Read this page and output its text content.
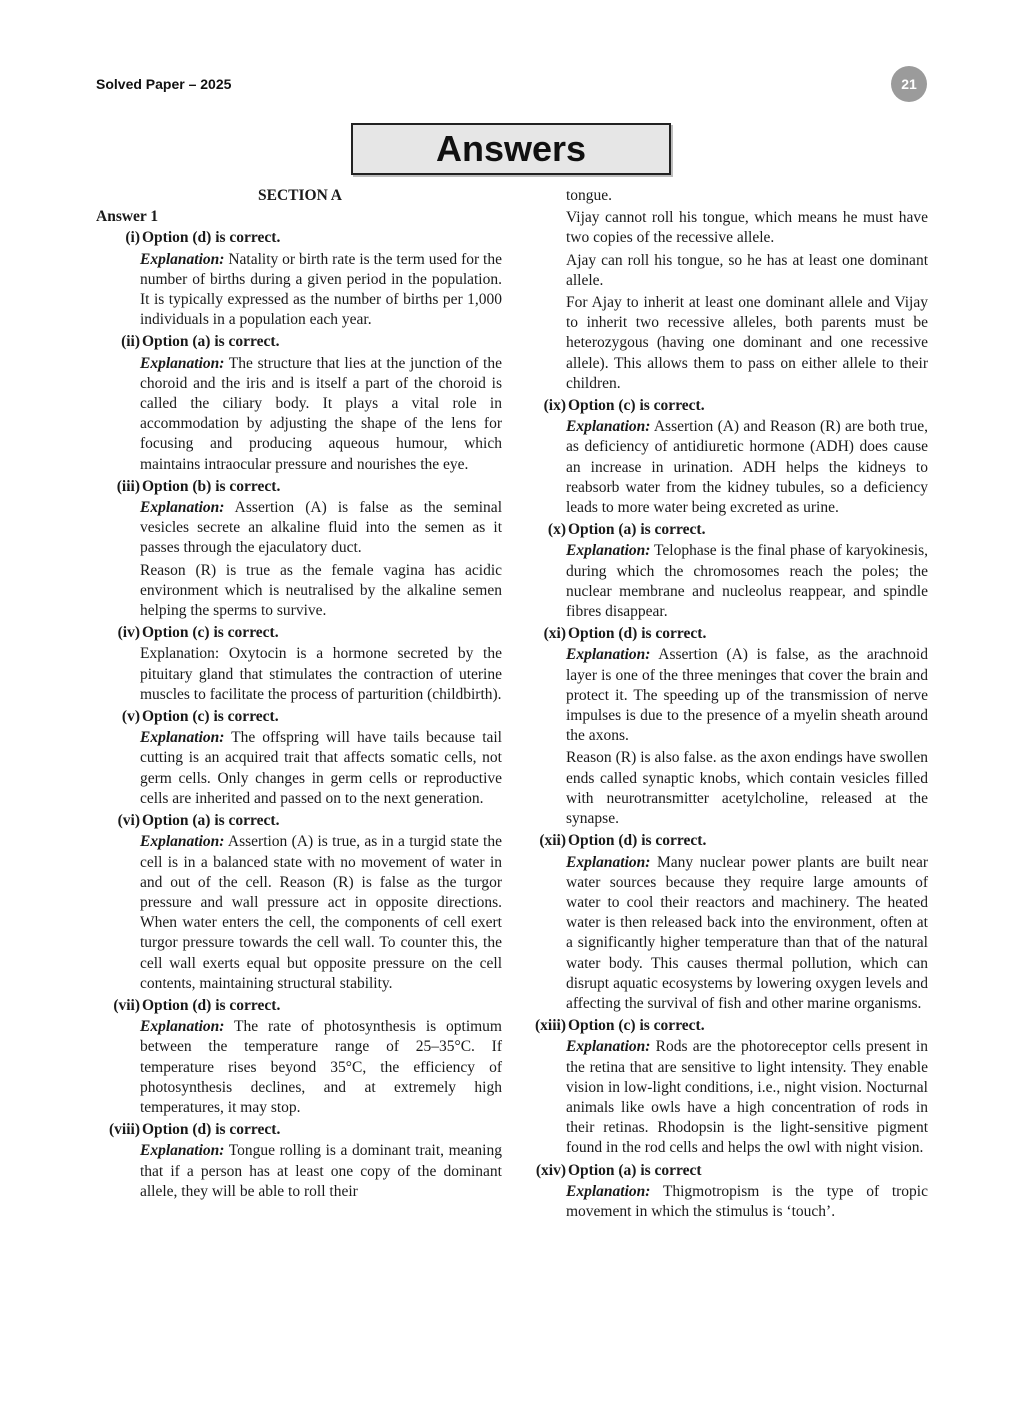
Solved Paper – 2025	21
Answers
SECTION A
Answer 1
(i) Option (d) is correct.
Explanation: Natality or birth rate is the term used for the number of births during a given period in the population. It is typically expressed as the number of births per 1,000 individuals in a population each year.
(ii) Option (a) is correct.
Explanation: The structure that lies at the junction of the choroid and the iris and is itself a part of the choroid is called the ciliary body. It plays a vital role in accommodation by adjusting the shape of the lens for focusing and producing aqueous humour, which maintains intraocular pressure and nourishes the eye.
(iii) Option (b) is correct.
Explanation: Assertion (A) is false as the seminal vesicles secrete an alkaline fluid into the semen as it passes through the ejaculatory duct.
Reason (R) is true as the female vagina has acidic environment which is neutralised by the alkaline semen helping the sperms to survive.
(iv) Option (c) is correct.
Explanation: Oxytocin is a hormone secreted by the pituitary gland that stimulates the contraction of uterine muscles to facilitate the process of parturition (childbirth).
(v) Option (c) is correct.
Explanation: The offspring will have tails because tail cutting is an acquired trait that affects somatic cells, not germ cells. Only changes in germ cells or reproductive cells are inherited and passed on to the next generation.
(vi) Option (a) is correct.
Explanation: Assertion (A) is true, as in a turgid state the cell is in a balanced state with no movement of water in and out of the cell. Reason (R) is false as the turgor pressure and wall pressure act in opposite directions. When water enters the cell, the components of cell exert turgor pressure towards the cell wall. To counter this, the cell wall exerts equal but opposite pressure on the cell contents, maintaining structural stability.
(vii) Option (d) is correct.
Explanation: The rate of photosynthesis is optimum between the temperature range of 25–35°C. If temperature rises beyond 35°C, the efficiency of photosynthesis declines, and at extremely high temperatures, it may stop.
(viii) Option (d) is correct.
Explanation: Tongue rolling is a dominant trait, meaning that if a person has at least one copy of the dominant allele, they will be able to roll their
tongue.
Vijay cannot roll his tongue, which means he must have two copies of the recessive allele.
Ajay can roll his tongue, so he has at least one dominant allele.
For Ajay to inherit at least one dominant allele and Vijay to inherit two recessive alleles, both parents must be heterozygous (having one dominant and one recessive allele). This allows them to pass on either allele to their children.
(ix) Option (c) is correct.
Explanation: Assertion (A) and Reason (R) are both true, as deficiency of antidiuretic hormone (ADH) does cause an increase in urination. ADH helps the kidneys to reabsorb water from the kidney tubules, so a deficiency leads to more water being excreted as urine.
(x) Option (a) is correct.
Explanation: Telophase is the final phase of karyokinesis, during which the chromosomes reach the poles; the nuclear membrane and nucleolus reappear, and spindle fibres disappear.
(xi) Option (d) is correct.
Explanation: Assertion (A) is false, as the arachnoid layer is one of the three meninges that cover the brain and protect it. The speeding up of the transmission of nerve impulses is due to the presence of a myelin sheath around the axons.
Reason (R) is also false. as the axon endings have swollen ends called synaptic knobs, which contain vesicles filled with neurotransmitter acetylcholine, released at the synapse.
(xii) Option (d) is correct.
Explanation: Many nuclear power plants are built near water sources because they require large amounts of water to cool their reactors and machinery. The heated water is then released back into the environment, often at a significantly higher temperature than that of the natural water body. This causes thermal pollution, which can disrupt aquatic ecosystems by lowering oxygen levels and affecting the survival of fish and other marine organisms.
(xiii) Option (c) is correct.
Explanation: Rods are the photoreceptor cells present in the retina that are sensitive to light intensity. They enable vision in low-light conditions, i.e., night vision. Nocturnal animals like owls have a high concentration of rods in their retinas. Rhodopsin is the light-sensitive pigment found in the rod cells and helps the owl with night vision.
(xiv) Option (a) is correct
Explanation: Thigmotropism is the type of tropic movement in which the stimulus is ‘touch’.
